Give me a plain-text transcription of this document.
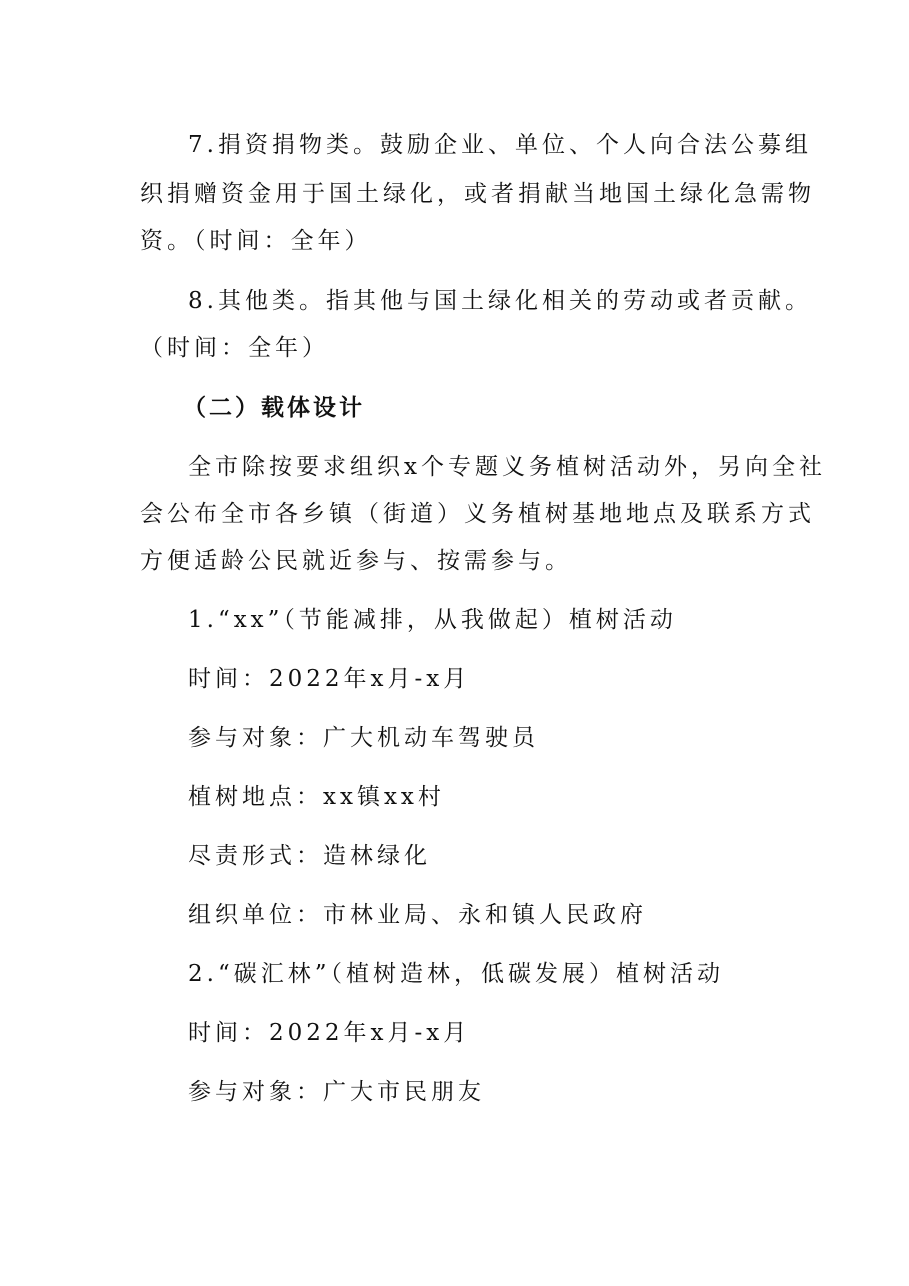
7.捐资捐物类。鼓励企业、单位、个人向合法公募组
织捐赠资金用于国土绿化，或者捐献当地国土绿化急需物
资。（时间：全年）
8.其他类。指其他与国土绿化相关的劳动或者贡献。
（时间：全年）
（二）载体设计
全市除按要求组织x个专题义务植树活动外，另向全社
会公布全市各乡镇（街道）义务植树基地地点及联系方式
方便适龄公民就近参与、按需参与。
1.“xx”（节能减排，从我做起）植树活动
时间：2022年x月-x月
参与对象：广大机动车驾驶员
植树地点：xx镇xx村
尽责形式：造林绿化
组织单位：市林业局、永和镇人民政府
2.“碳汇林”（植树造林，低碳发展）植树活动
时间：2022年x月-x月
参与对象：广大市民朋友
